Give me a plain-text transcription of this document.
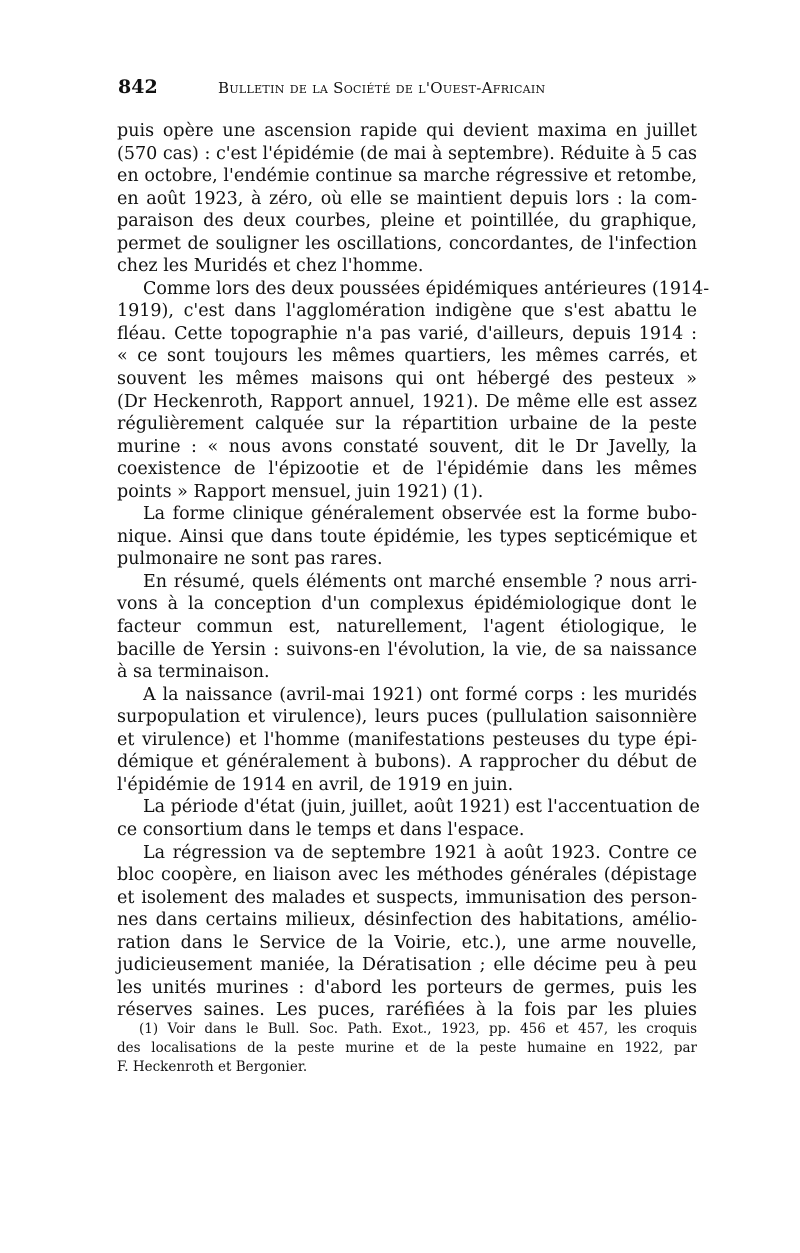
842	Bulletin de la Société de l'Ouest-Africain
puis opère une ascension rapide qui devient maxima en juillet
(570 cas) : c'est l'épidémie (de mai à septembre). Réduite à 5 cas
en octobre, l'endémie continue sa marche régressive et retombe,
en août 1923, à zéro, où elle se maintient depuis lors : la com-
paraison des deux courbes, pleine et pointillée, du graphique,
permet de souligner les oscillations, concordantes, de l'infection
chez les Muridés et chez l'homme.
Comme lors des deux poussées épidémiques antérieures (1914-
1919), c'est dans l'agglomération indigène que s'est abattu le
fléau. Cette topographie n'a pas varié, d'ailleurs, depuis 1914 :
« ce sont toujours les mêmes quartiers, les mêmes carrés, et
souvent les mêmes maisons qui ont hébergé des pesteux »
(Dr Heckenroth, Rapport annuel, 1921). De même elle est assez
régulièrement calquée sur la répartition urbaine de la peste
murine : « nous avons constaté souvent, dit le Dr Javelly, la
coexistence de l'épizootie et de l'épidémie dans les mêmes
points » Rapport mensuel, juin 1921) (1).
La forme clinique généralement observée est la forme bubo-
nique. Ainsi que dans toute épidémie, les types septicémique et
pulmonaire ne sont pas rares.
En résumé, quels éléments ont marché ensemble ? nous arri-
vons à la conception d'un complexus épidémiologique dont le
facteur commun est, naturellement, l'agent étiologique, le
bacille de Yersin : suivons-en l'évolution, la vie, de sa naissance
à sa terminaison.
A la naissance (avril-mai 1921) ont formé corps : les muridés
surpopulation et virulence), leurs puces (pullulation saisonnière
et virulence) et l'homme (manifestations pesteuses du type épi-
démique et généralement à bubons). A rapprocher du début de
l'épidémie de 1914 en avril, de 1919 en juin.
La période d'état (juin, juillet, août 1921) est l'accentuation de
ce consortium dans le temps et dans l'espace.
La régression va de septembre 1921 à août 1923. Contre ce
bloc coopère, en liaison avec les méthodes générales (dépistage
et isolement des malades et suspects, immunisation des person-
nes dans certains milieux, désinfection des habitations, amélio-
ration dans le Service de la Voirie, etc.), une arme nouvelle,
judicieusement maniée, la Dératisation ; elle décime peu à peu
les unités murines : d'abord les porteurs de germes, puis les
réserves saines. Les puces, raréfiées à la fois par les pluies
(1) Voir dans le Bull. Soc. Path. Exot., 1923, pp. 456 et 457, les croquis
des localisations de la peste murine et de la peste humaine en 1922, par
F. Heckenroth et Bergonier.
